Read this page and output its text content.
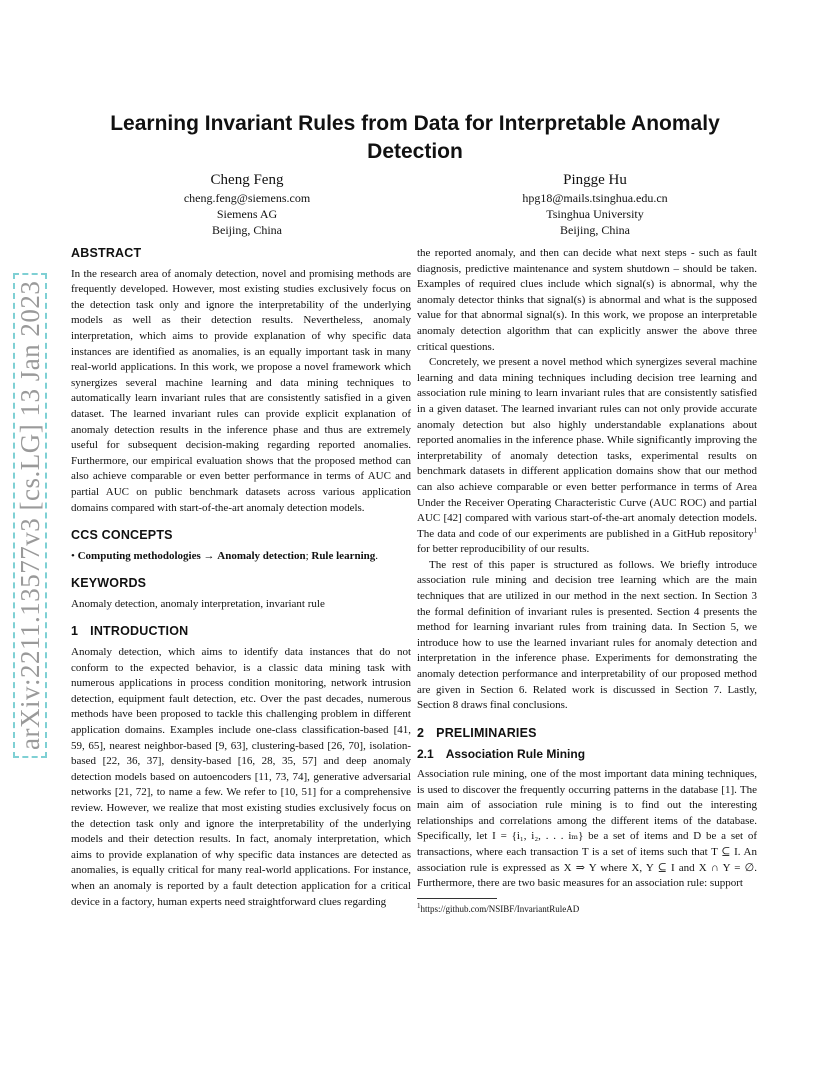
arXiv:2211.13577v3 [cs.LG] 13 Jan 2023
Learning Invariant Rules from Data for Interpretable Anomaly Detection
Cheng Feng
cheng.feng@siemens.com
Siemens AG
Beijing, China
Pingge Hu
hpg18@mails.tsinghua.edu.cn
Tsinghua University
Beijing, China
ABSTRACT

In the research area of anomaly detection, novel and promising methods are frequently developed. However, most existing studies exclusively focus on the detection task only and ignore the interpretability of the underlying models as well as their detection results. Nevertheless, anomaly interpretation, which aims to provide explanation of why specific data instances are identified as anomalies, is an equally important task in many real-world applications. In this work, we propose a novel framework which synergizes several machine learning and data mining techniques to automatically learn invariant rules that are consistently satisfied in a given dataset. The learned invariant rules can provide explicit explanation of anomaly detection results in the inference phase and thus are extremely useful for subsequent decision-making regarding reported anomalies. Furthermore, our empirical evaluation shows that the proposed method can also achieve comparable or even better performance in terms of AUC and partial AUC on public benchmark datasets across various application domains compared with start-of-the-art anomaly detection models.

CCS CONCEPTS

• Computing methodologies → Anomaly detection; Rule learning.

KEYWORDS

Anomaly detection, anomaly interpretation, invariant rule

1 INTRODUCTION

Anomaly detection, which aims to identify data instances that do not conform to the expected behavior, is a classic data mining task with numerous applications in process condition monitoring, network intrusion detection, equipment fault detection, etc. Over the past decades, numerous methods have been proposed to tackle this challenging problem in different application domains. Examples include one-class classification-based [41, 59, 65], nearest neighbor-based [9, 63], clustering-based [26, 70], isolation-based [22, 36, 37], density-based [16, 28, 35, 57] and deep anomaly detection models based on autoencoders [11, 73, 74], generative adversarial networks [21, 72], to name a few. We refer to [10, 51] for a comprehensive review. However, we realize that most existing studies exclusively focus on the detection task only and ignore the interpretability of the underlying models and their detection results. In fact, anomaly interpretation, which aims to provide explanation of why specific data instances are detected as anomalies, is equally critical for many real-world applications. For instance, when an anomaly is reported by a fault detection application for a critical device in a factory, human experts need straightforward clues regarding

the reported anomaly, and then can decide what next steps - such as fault diagnosis, predictive maintenance and system shutdown – should be taken. Examples of required clues include which signal(s) is abnormal, why the anomaly detector thinks that signal(s) is abnormal and what is the supposed value for that abnormal signal(s). In this work, we propose an interpretable anomaly detection algorithm that can explicitly answer the above three critical questions.

Concretely, we present a novel method which synergizes several machine learning and data mining techniques including decision tree learning and association rule mining to learn invariant rules that are consistently satisfied in a given dataset. The learned invariant rules can not only provide accurate anomaly detection but also highly understandable explanations about reported anomalies in the inference phase. While significantly improving the interpretability of anomaly detection tasks, experimental results on benchmark datasets in different application domains show that our method can also achieve comparable or even better performance in terms of Area Under the Receiver Operating Characteristic Curve (AUC ROC) and partial AUC [42] compared with various start-of-the-art anomaly detection models. The data and code of our experiments are published in a GitHub repository$^1$ for better reproducibility of our results.

The rest of this paper is structured as follows. We briefly introduce association rule mining and decision tree learning which are the main techniques that are utilized in our method in the next section. In Section 3 the formal definition of invariant rules is presented. Section 4 presents the method for learning invariant rules from training data. In Section 5, we introduce how to use the learned invariant rules for anomaly detection and interpretation in the inference phase. Experiments for demonstrating the anomaly detection performance and interpretability of our proposed method are given in Section 6. Related work is discussed in Section 7. Lastly, Section 8 draws final conclusions.

2 PRELIMINARIES
2.1 Association Rule Mining

Association rule mining, one of the most important data mining techniques, is used to discover the frequently occurring patterns in the database [1]. The main aim of association rule mining is to find out the interesting relationships and correlations among the different items of the database. Specifically, let I = {i₁, i₂, . . . iₘ} be a set of items and D be a set of transactions, where each transaction T is a set of items such that T ⊆ I. An association rule is expressed as X ⇒ Y where X, Y ⊆ I and X ∩ Y = ∅. Furthermore, there are two basic measures for an association rule: support

$^1$https://github.com/NSIBF/InvariantRuleAD
